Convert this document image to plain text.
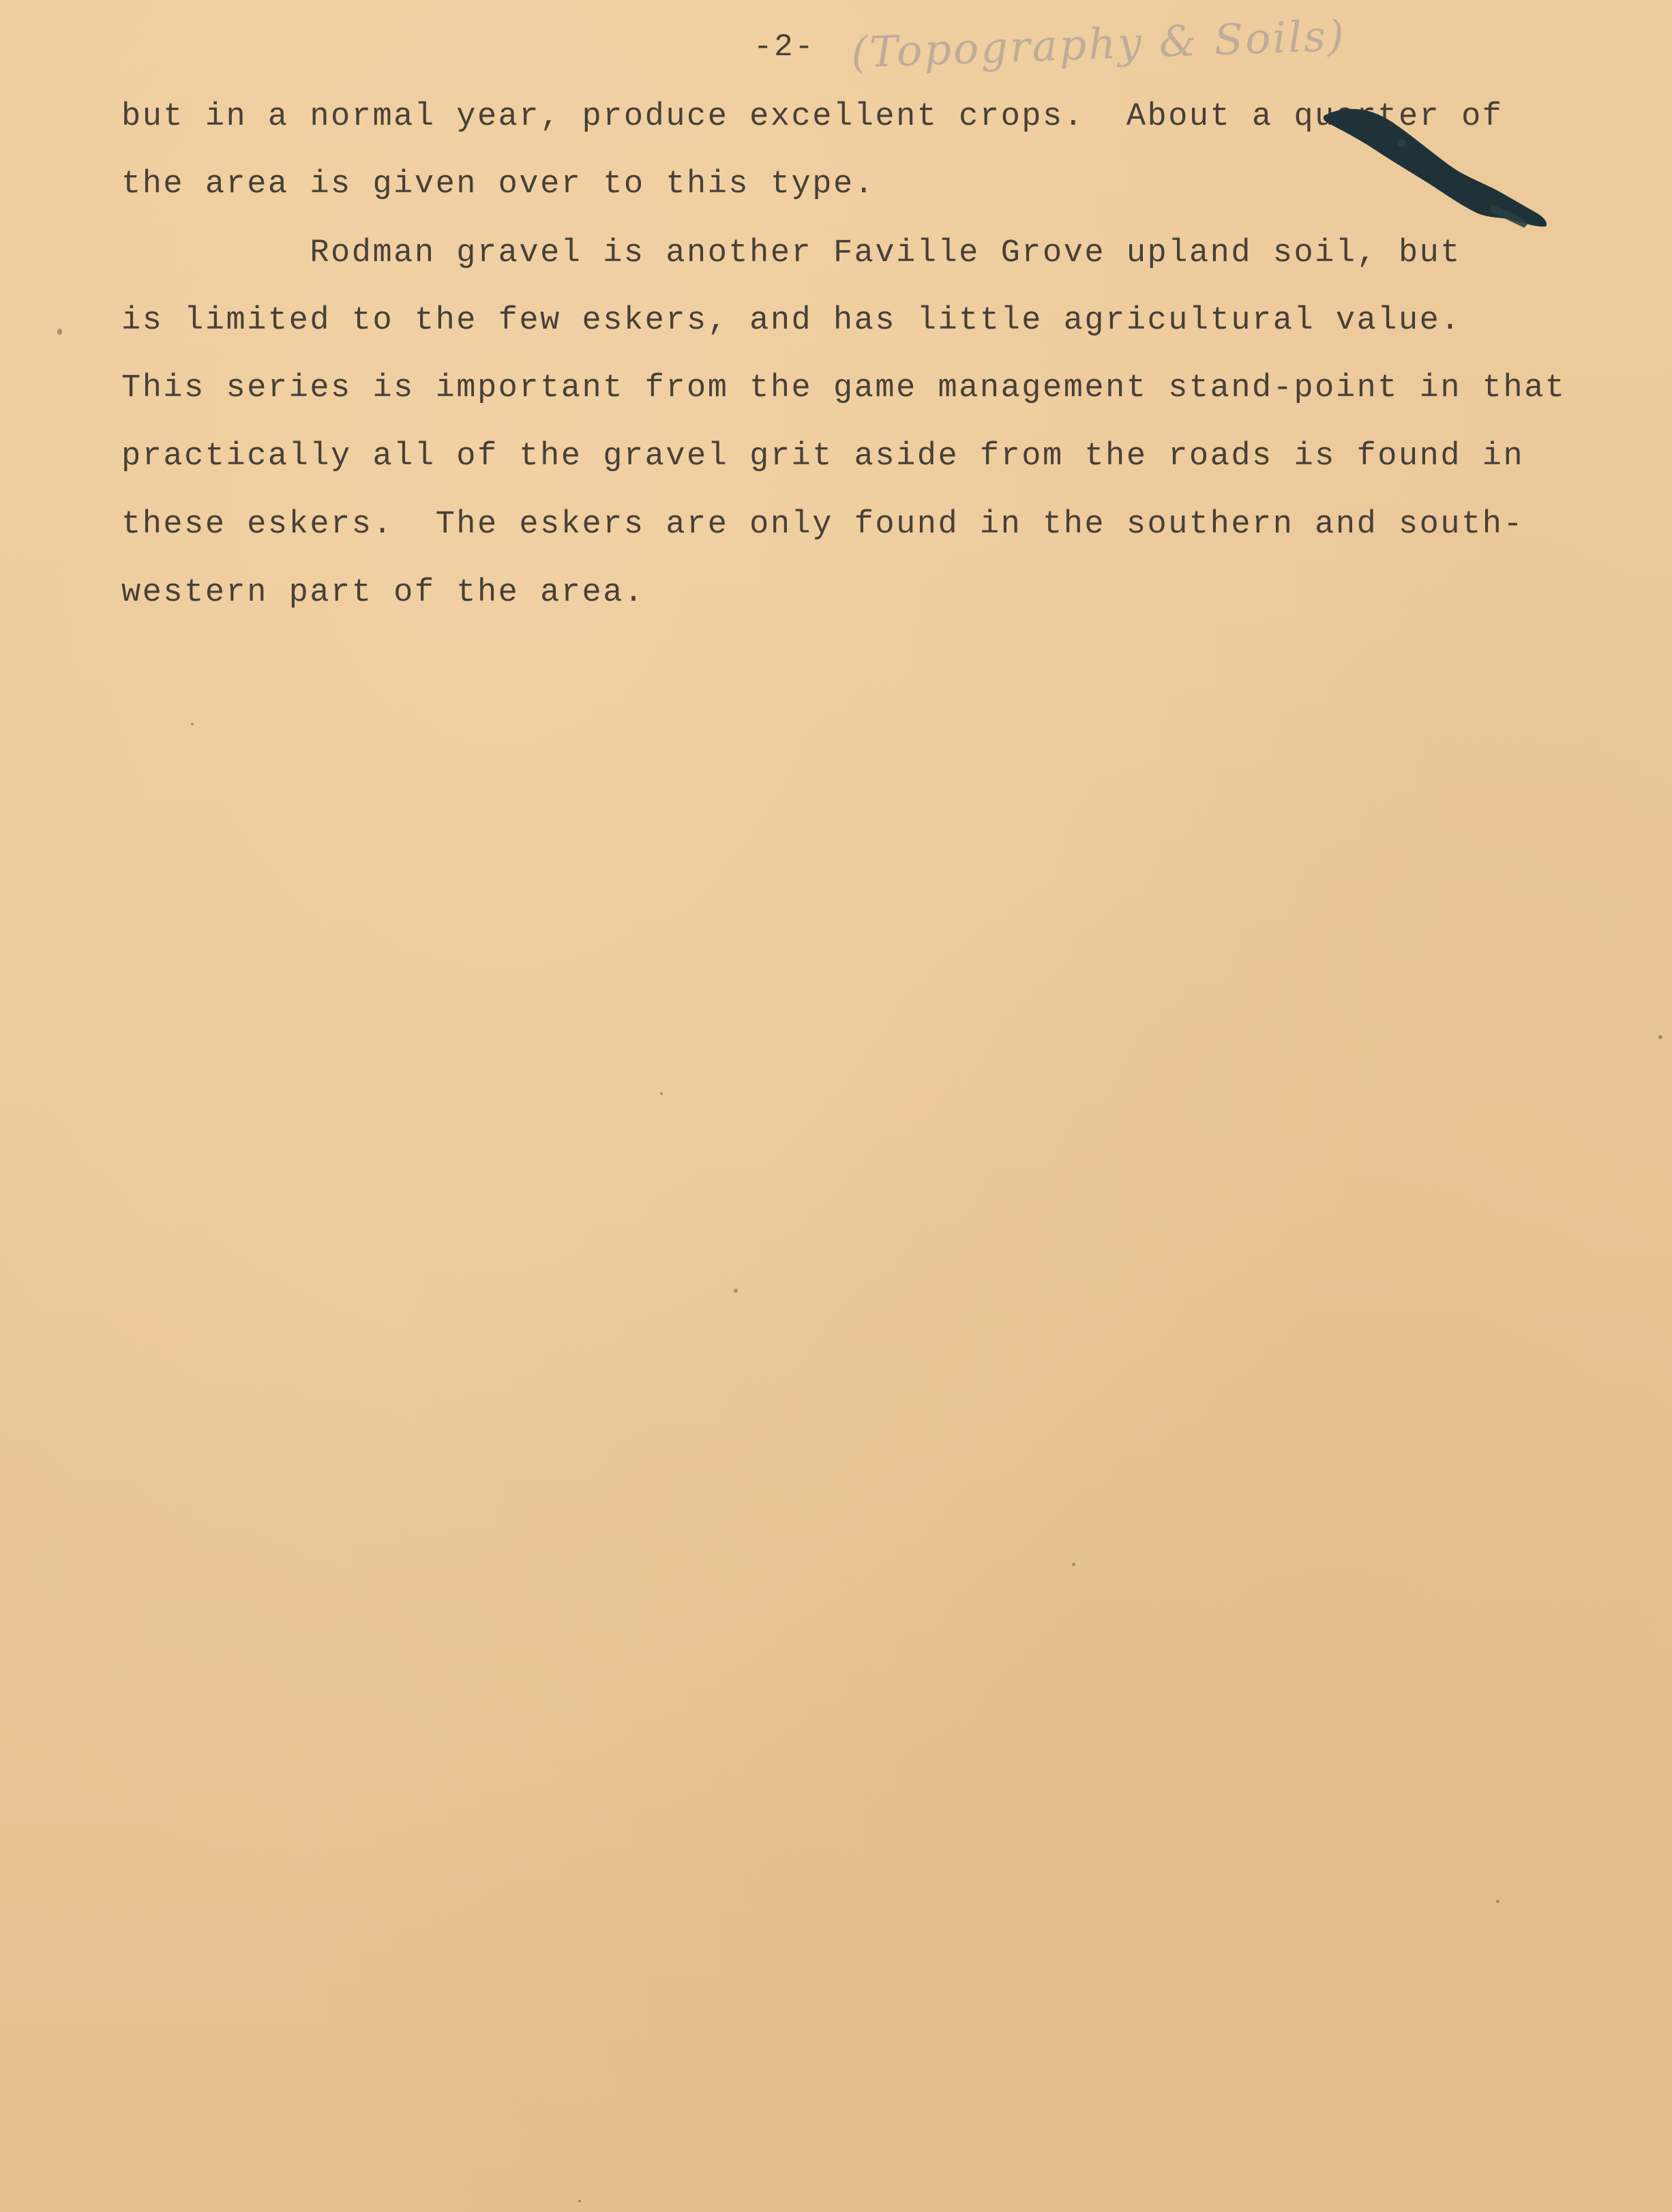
-2- (Topography & Soils)
but in a normal year, produce excellent crops.  About a quarter of
the area is given over to this type.
Rodman gravel is another Faville Grove upland soil, but
is limited to the few eskers, and has little agricultural value.
This series is important from the game management stand-point in that
practically all of the gravel grit aside from the roads is found in
these eskers.  The eskers are only found in the southern and south-
western part of the area.
